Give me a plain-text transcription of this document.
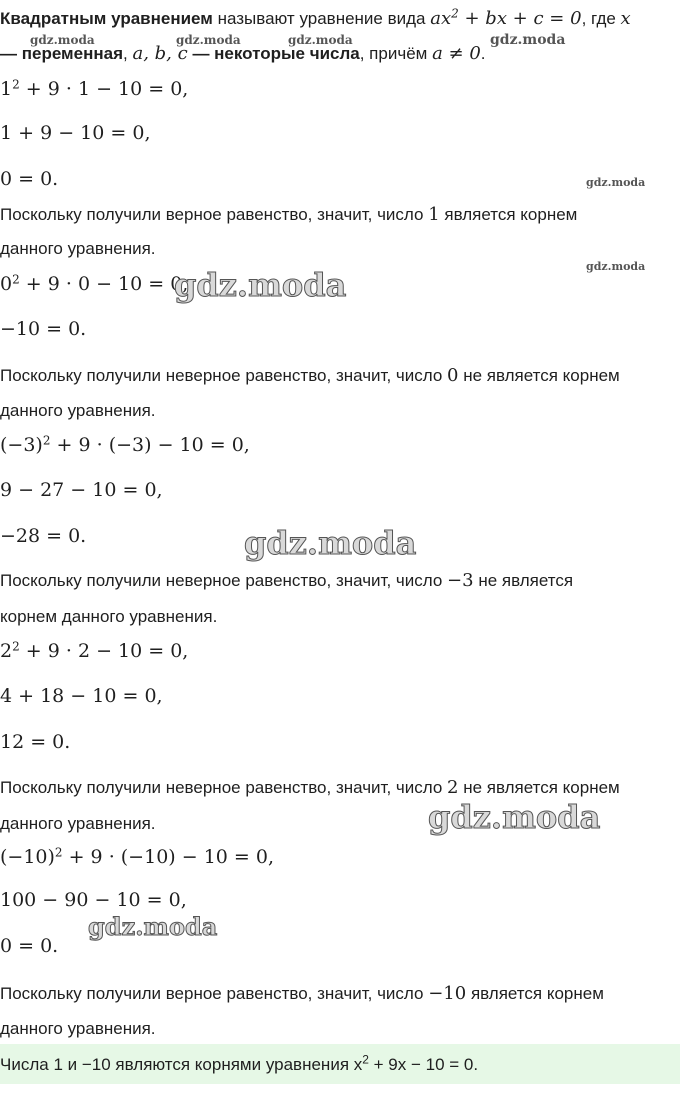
Квадратным уравнением называют уравнение вида $ax^2$ + bx + c = 0, где x
— переменная, a, b, c — некоторые числа, причём a ≠ 0.
$1^2 + 9 \cdot 1 - 10 = 0$,
1 + 9 − 10 = 0,
0 = 0.
Поскольку получили верное равенство, значит, число 1 является корнем
данного уравнения.
$0^2 + 9 \cdot 0 - 10 = 0$,
−10 = 0.
Поскольку получили неверное равенство, значит, число 0 не является корнем
данного уравнения.
$(-3)^2 + 9 \cdot (-3) - 10 = 0$,
9 − 27 − 10 = 0,
−28 = 0.
Поскольку получили неверное равенство, значит, число −3 не является
корнем данного уравнения.
$2^2 + 9 \cdot 2 - 10 = 0$,
4 + 18 − 10 = 0,
12 = 0.
Поскольку получили неверное равенство, значит, число 2 не является корнем
данного уравнения.
$(-10)^2 + 9 \cdot (-10) - 10 = 0$,
100 − 90 − 10 = 0,
0 = 0.
Поскольку получили верное равенство, значит, число −10 является корнем
данного уравнения.
Числа 1 и −10 являются корнями уравнения $x^2 + 9x - 10 = 0$.
gdz.moda	gdz.moda	gdz.moda	gdz.moda
gdz.moda
gdz.moda
gdz.moda
gdz.moda
gdz.moda
gdz.moda
